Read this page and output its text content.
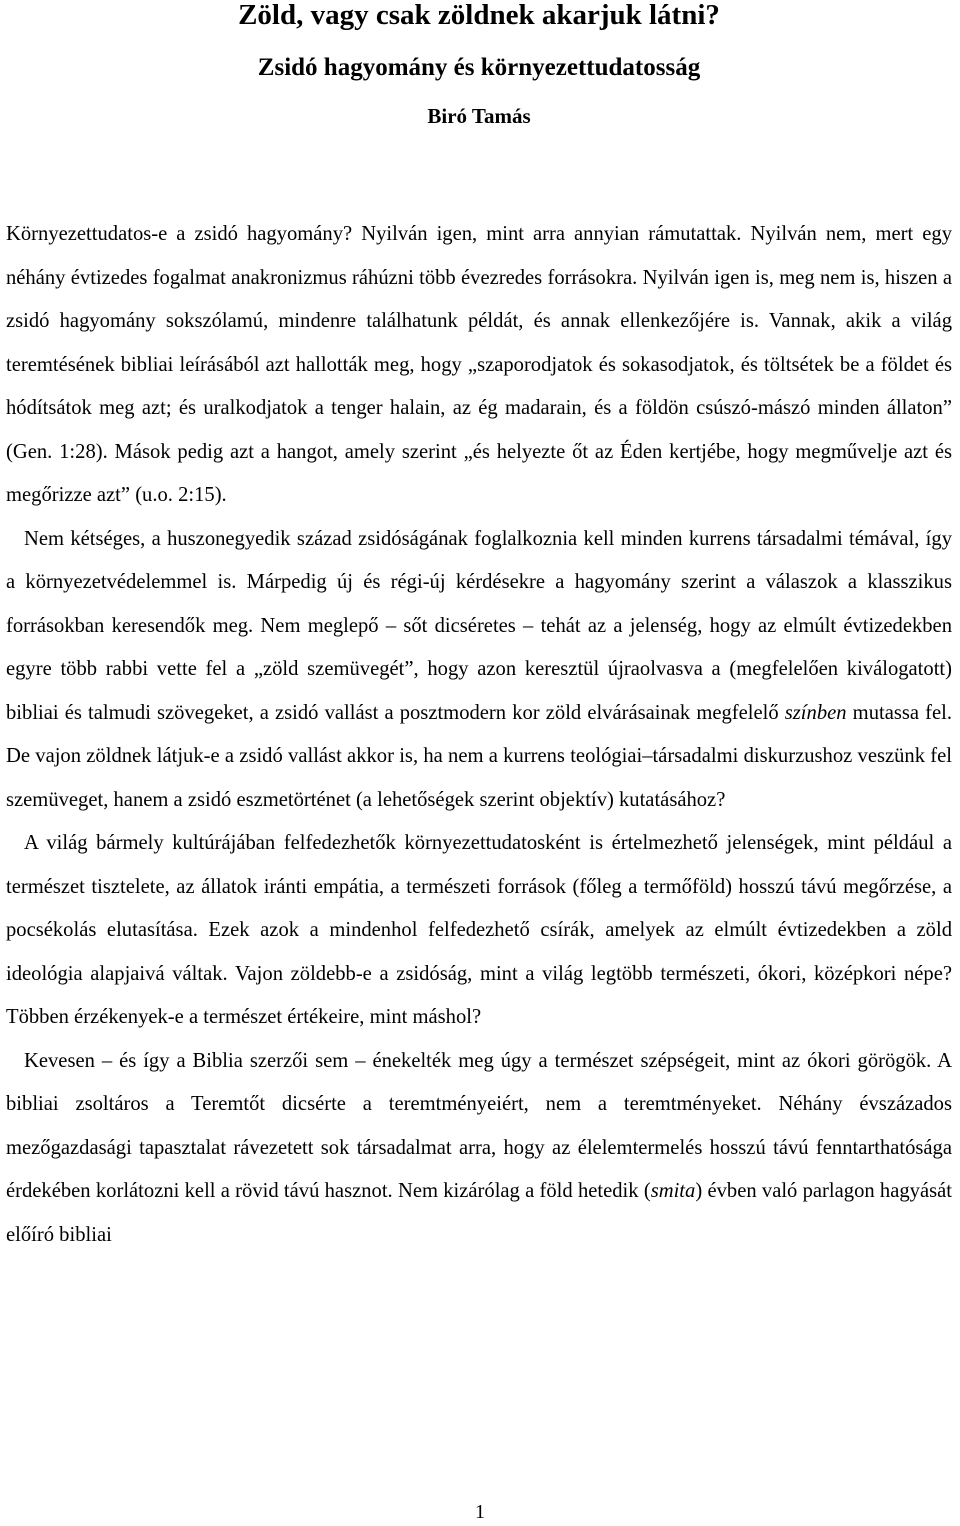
Zöld, vagy csak zöldnek akarjuk látni?
Zsidó hagyomány és környezettudatosság
Biró Tamás

Környezettudatos-e a zsidó hagyomány? Nyilván igen, mint arra annyian rámutattak. Nyilván nem, mert egy néhány évtizedes fogalmat anakronizmus ráhúzni több évezredes forrásokra. Nyilván igen is, meg nem is, hiszen a zsidó hagyomány sokszólamú, mindenre találhatunk példát, és annak ellenkezőjére is. Vannak, akik a világ teremtésének bibliai leírásából azt hallották meg, hogy „szaporodjatok és sokasodjatok, és töltsétek be a földet és hódítsátok meg azt; és uralkodjatok a tenger halain, az ég madarain, és a földön csúszó-mászó minden állaton” (Gen. 1:28). Mások pedig azt a hangot, amely szerint „és helyezte őt az Éden kertjébe, hogy megművelje azt és megőrizze azt” (u.o. 2:15).

Nem kétséges, a huszonegyedik század zsidóságának foglalkoznia kell minden kurrens társadalmi témával, így a környezetvédelemmel is. Márpedig új és régi-új kérdésekre a hagyomány szerint a válaszok a klasszikus forrásokban keresendők meg. Nem meglepő – sőt dicséretes – tehát az a jelenség, hogy az elmúlt évtizedekben egyre több rabbi vette fel a „zöld szemüvegét”, hogy azon keresztül újraolvasva a (megfelelően kiválogatott) bibliai és talmudi szövegeket, a zsidó vallást a posztmodern kor zöld elvárásainak megfelelő színben mutassa fel. De vajon zöldnek látjuk-e a zsidó vallást akkor is, ha nem a kurrens teológiai–társadalmi diskurzushoz veszünk fel szemüveget, hanem a zsidó eszmetörténet (a lehetőségek szerint objektív) kutatásához?

A világ bármely kultúrájában felfedezhetők környezettudatosként is értelmezhető jelenségek, mint például a természet tisztelete, az állatok iránti empátia, a természeti források (főleg a termőföld) hosszú távú megőrzése, a pocsékolás elutasítása. Ezek azok a mindenhol felfedezhető csírák, amelyek az elmúlt évtizedekben a zöld ideológia alapjaivá váltak. Vajon zöldebb-e a zsidóság, mint a világ legtöbb természeti, ókori, középkori népe? Többen érzékenyek-e a természet értékeire, mint máshol?

Kevesen – és így a Biblia szerzői sem – énekelték meg úgy a természet szépségeit, mint az ókori görögök. A bibliai zsoltáros a Teremtőt dicsérte a teremtményeiért, nem a teremtményeket. Néhány évszázados mezőgazdasági tapasztalat rávezetett sok társadalmat arra, hogy az élelemtermelés hosszú távú fenntarthatósága érdekében korlátozni kell a rövid távú hasznot. Nem kizárólag a föld hetedik (smita) évben való parlagon hagyását előíró bibliai

1
